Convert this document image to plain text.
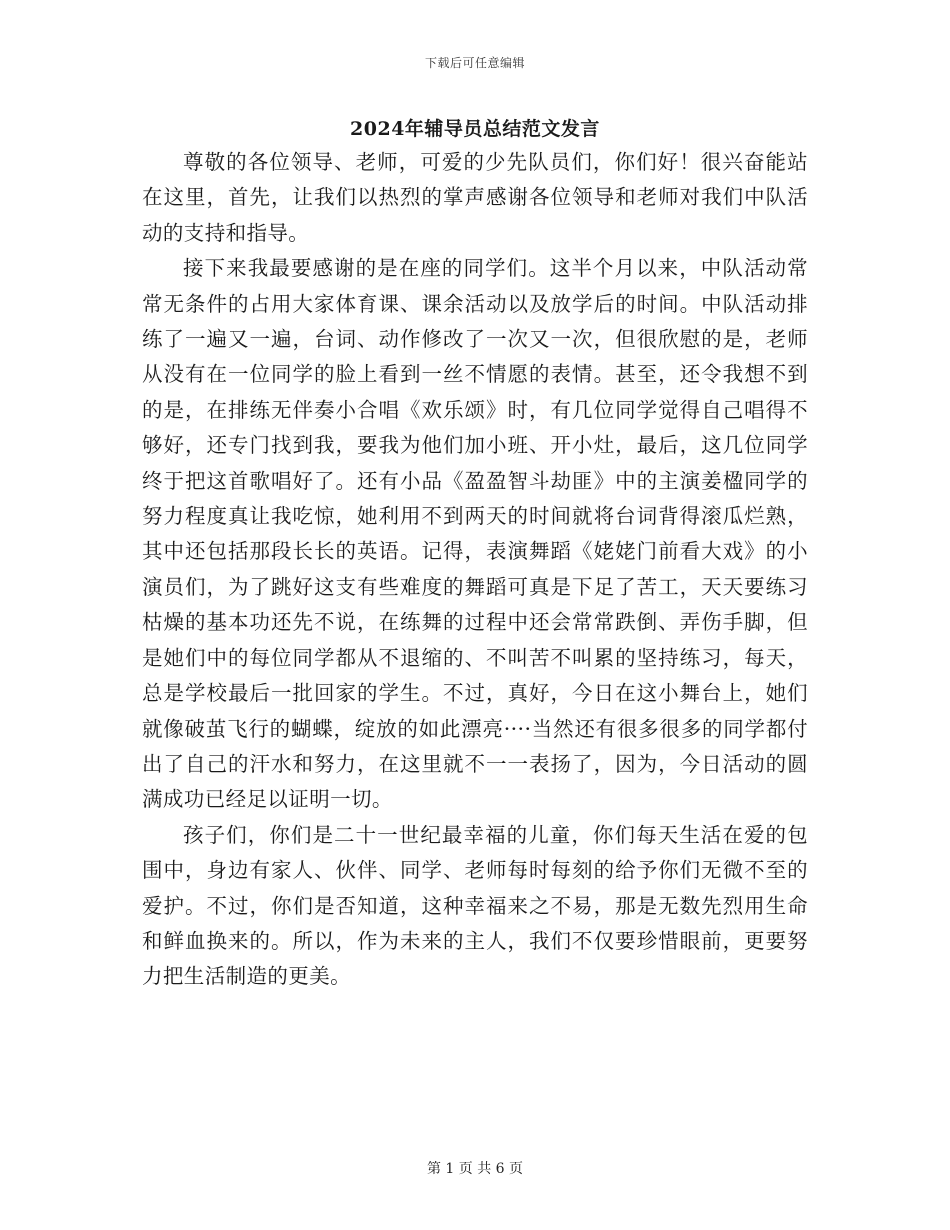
下载后可任意编辑
2024年辅导员总结范文发言

尊敬的各位领导、老师，可爱的少先队员们，你们好！很兴奋能站在这里，首先，让我们以热烈的掌声感谢各位领导和老师对我们中队活动的支持和指导。

接下来我最要感谢的是在座的同学们。这半个月以来，中队活动常常无条件的占用大家体育课、课余活动以及放学后的时间。中队活动排练了一遍又一遍，台词、动作修改了一次又一次，但很欣慰的是，老师从没有在一位同学的脸上看到一丝不情愿的表情。甚至，还令我想不到的是，在排练无伴奏小合唱《欢乐颂》时，有几位同学觉得自己唱得不够好，还专门找到我，要我为他们加小班、开小灶，最后，这几位同学终于把这首歌唱好了。还有小品《盈盈智斗劫匪》中的主演姜楹同学的努力程度真让我吃惊，她利用不到两天的时间就将台词背得滚瓜烂熟，其中还包括那段长长的英语。记得，表演舞蹈《姥姥门前看大戏》的小演员们，为了跳好这支有些难度的舞蹈可真是下足了苦工，天天要练习枯燥的基本功还先不说，在练舞的过程中还会常常跌倒、弄伤手脚，但是她们中的每位同学都从不退缩的、不叫苦不叫累的坚持练习，每天，总是学校最后一批回家的学生。不过，真好，今日在这小舞台上，她们就像破茧飞行的蝴蝶，绽放的如此漂亮····当然还有很多很多的同学都付出了自己的汗水和努力，在这里就不一一表扬了，因为，今日活动的圆满成功已经足以证明一切。

孩子们，你们是二十一世纪最幸福的儿童，你们每天生活在爱的包围中，身边有家人、伙伴、同学、老师每时每刻的给予你们无微不至的爱护。不过，你们是否知道，这种幸福来之不易，那是无数先烈用生命和鲜血换来的。所以，作为未来的主人，我们不仅要珍惜眼前，更要努力把生活制造的更美。

第 1 页 共 6 页
